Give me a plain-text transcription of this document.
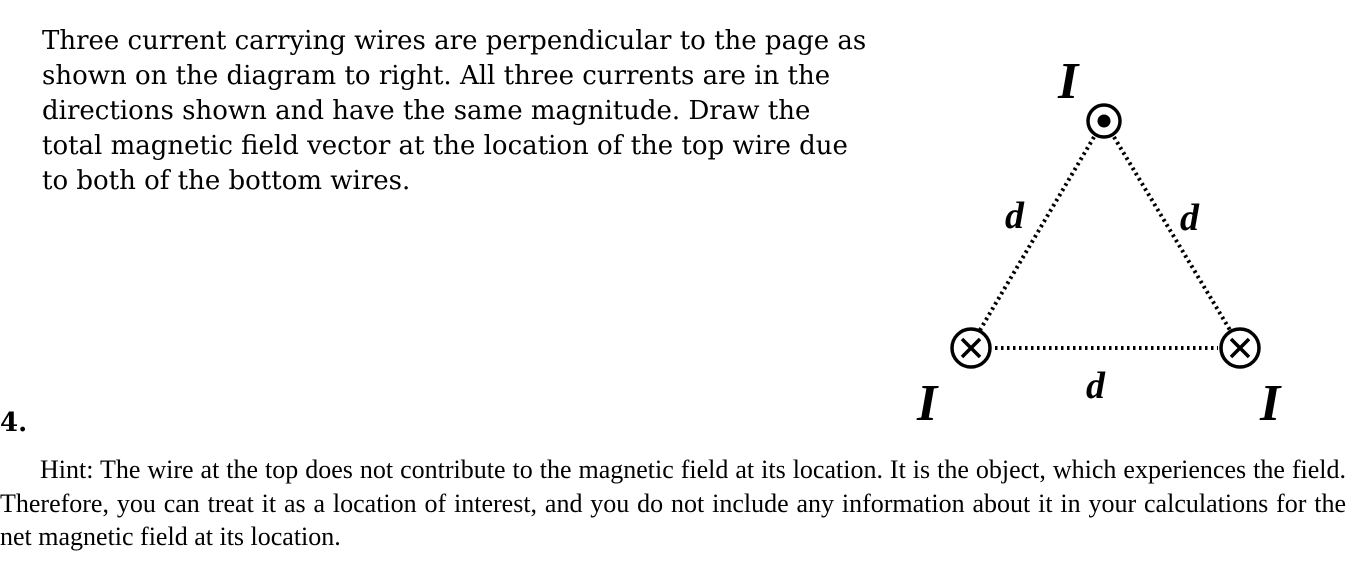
Three current carrying wires are perpendicular to the page as shown on the diagram to right. All three currents are in the directions shown and have the same magnitude. Draw the total magnetic field vector at the location of the top wire due to both of the bottom wires.

4.

I
I	I
d	d
d

Hint: The wire at the top does not contribute to the magnetic field at its location. It is the object, which experiences the field. Therefore, you can treat it as a location of interest, and you do not include any information about it in your calculations for the net magnetic field at its location.
